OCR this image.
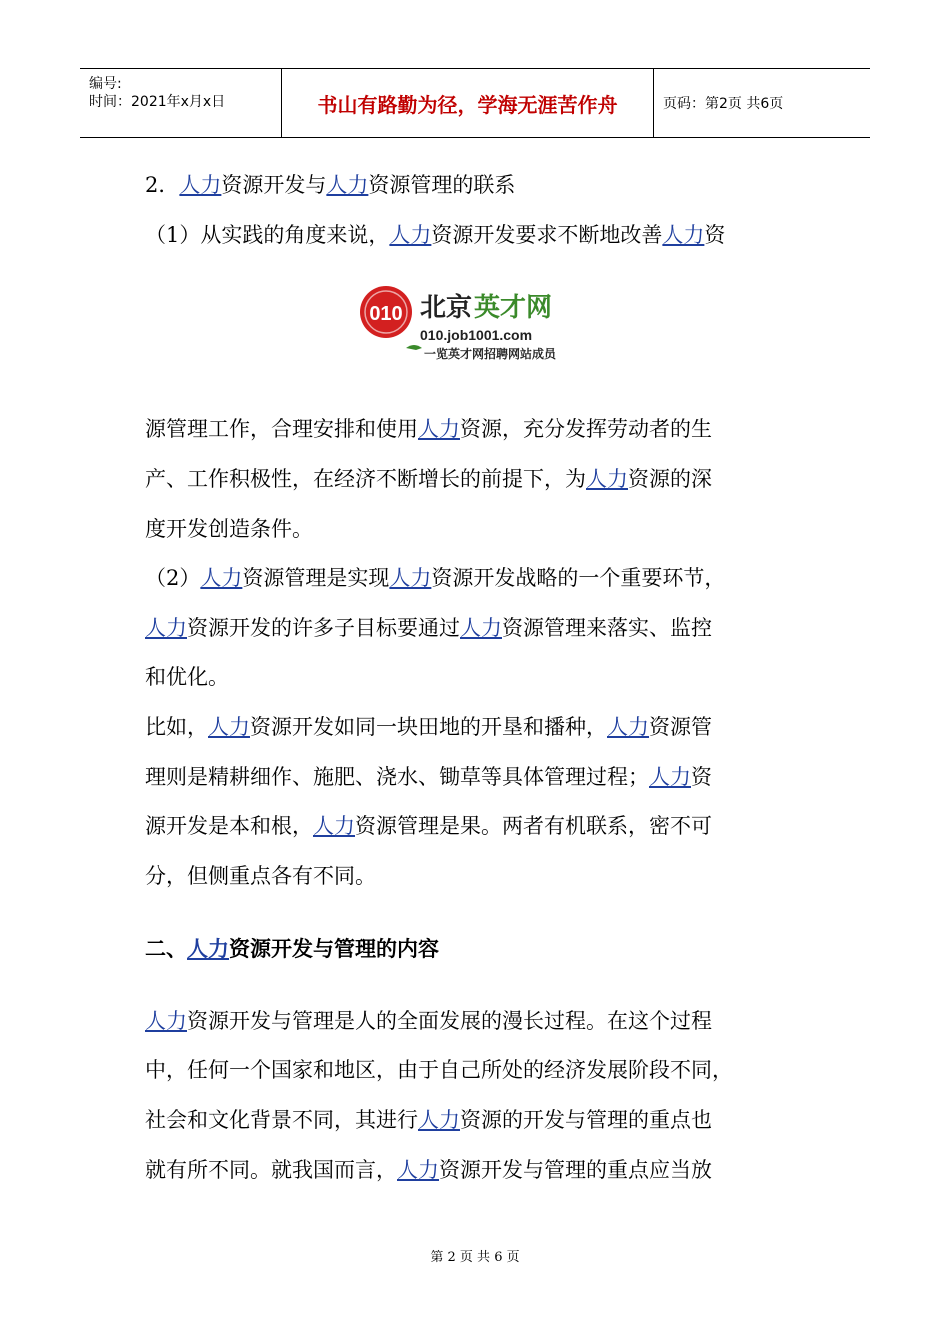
编号:
时间：2021年x月x日	书山有路勤为径，学海无涯苦作舟	页码：第2页 共6页
2．人力资源开发与人力资源管理的联系
（1）从实践的角度来说，人力资源开发要求不断地改善人力资
010 北京 英才网
010.job1001.com
一览英才网招聘网站成员
源管理工作，合理安排和使用人力资源，充分发挥劳动者的生
产、工作积极性，在经济不断增长的前提下，为人力资源的深
度开发创造条件。
（2）人力资源管理是实现人力资源开发战略的一个重要环节，
人力资源开发的许多子目标要通过人力资源管理来落实、监控
和优化。
比如，人力资源开发如同一块田地的开垦和播种，人力资源管
理则是精耕细作、施肥、浇水、锄草等具体管理过程；人力资
源开发是本和根，人力资源管理是果。两者有机联系，密不可
分，但侧重点各有不同。
二、人力资源开发与管理的内容
人力资源开发与管理是人的全面发展的漫长过程。在这个过程
中，任何一个国家和地区，由于自己所处的经济发展阶段不同，
社会和文化背景不同，其进行人力资源的开发与管理的重点也
就有所不同。就我国而言，人力资源开发与管理的重点应当放
第 2 页 共 6 页
